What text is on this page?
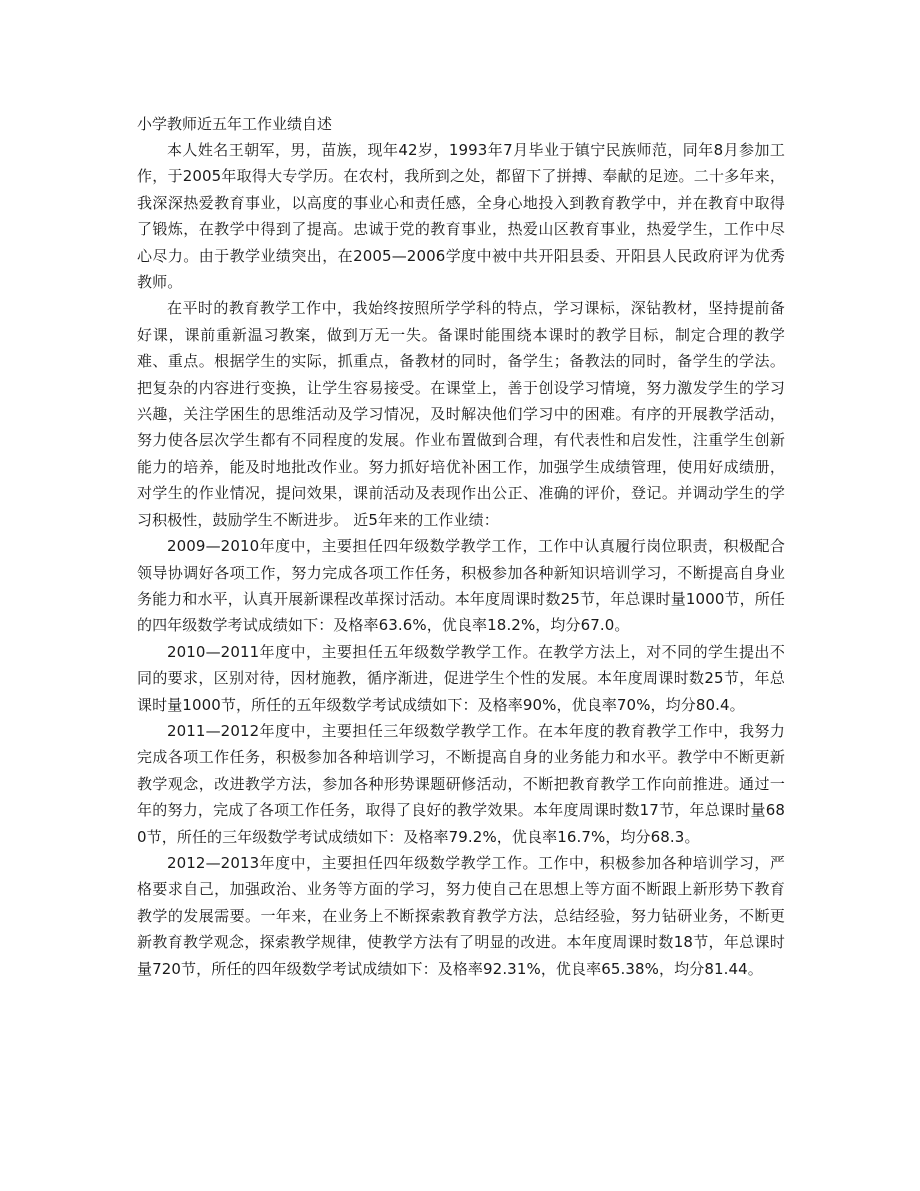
小学教师近五年工作业绩自述

本人姓名王朝军，男，苗族，现年42岁，1993年7月毕业于镇宁民族师范，同年8月参加工作，于2005年取得大专学历。在农村，我所到之处，都留下了拼搏、奉献的足迹。二十多年来，我深深热爱教育事业，以高度的事业心和责任感，全身心地投入到教育教学中，并在教育中取得了锻炼，在教学中得到了提高。忠诚于党的教育事业，热爱山区教育事业，热爱学生，工作中尽心尽力。由于教学业绩突出，在2005—2006学度中被中共开阳县委、开阳县人民政府评为优秀教师。

在平时的教育教学工作中，我始终按照所学学科的特点，学习课标，深钻教材，坚持提前备好课，课前重新温习教案，做到万无一失。备课时能围绕本课时的教学目标，制定合理的教学难、重点。根据学生的实际，抓重点，备教材的同时，备学生；备教法的同时，备学生的学法。把复杂的内容进行变换，让学生容易接受。在课堂上，善于创设学习情境，努力激发学生的学习兴趣，关注学困生的思维活动及学习情况，及时解决他们学习中的困难。有序的开展教学活动，努力使各层次学生都有不同程度的发展。作业布置做到合理，有代表性和启发性，注重学生创新能力的培养，能及时地批改作业。努力抓好培优补困工作，加强学生成绩管理，使用好成绩册，对学生的作业情况，提问效果，课前活动及表现作出公正、准确的评价，登记。并调动学生的学习积极性，鼓励学生不断进步。 近5年来的工作业绩：

2009—2010年度中，主要担任四年级数学教学工作，工作中认真履行岗位职责，积极配合领导协调好各项工作，努力完成各项工作任务，积极参加各种新知识培训学习，不断提高自身业务能力和水平，认真开展新课程改革探讨活动。本年度周课时数25节，年总课时量1000节，所任的四年级数学考试成绩如下：及格率63.6%，优良率18.2%，均分67.0。

2010—2011年度中，主要担任五年级数学教学工作。在教学方法上，对不同的学生提出不同的要求，区别对待，因材施教，循序渐进，促进学生个性的发展。本年度周课时数25节，年总课时量1000节，所任的五年级数学考试成绩如下：及格率90%，优良率70%，均分80.4。

2011—2012年度中，主要担任三年级数学教学工作。在本年度的教育教学工作中，我努力完成各项工作任务，积极参加各种培训学习，不断提高自身的业务能力和水平。教学中不断更新教学观念，改进教学方法，参加各种形势课题研修活动，不断把教育教学工作向前推进。通过一年的努力，完成了各项工作任务，取得了良好的教学效果。本年度周课时数17节，年总课时量680节，所任的三年级数学考试成绩如下：及格率79.2%，优良率16.7%，均分68.3。

2012—2013年度中，主要担任四年级数学教学工作。工作中，积极参加各种培训学习，严格要求自己，加强政治、业务等方面的学习，努力使自己在思想上等方面不断跟上新形势下教育教学的发展需要。一年来，在业务上不断探索教育教学方法，总结经验，努力钻研业务，不断更新教育教学观念，探索教学规律，使教学方法有了明显的改进。本年度周课时数18节，年总课时量720节，所任的四年级数学考试成绩如下：及格率92.31%，优良率65.38%，均分81.44。
